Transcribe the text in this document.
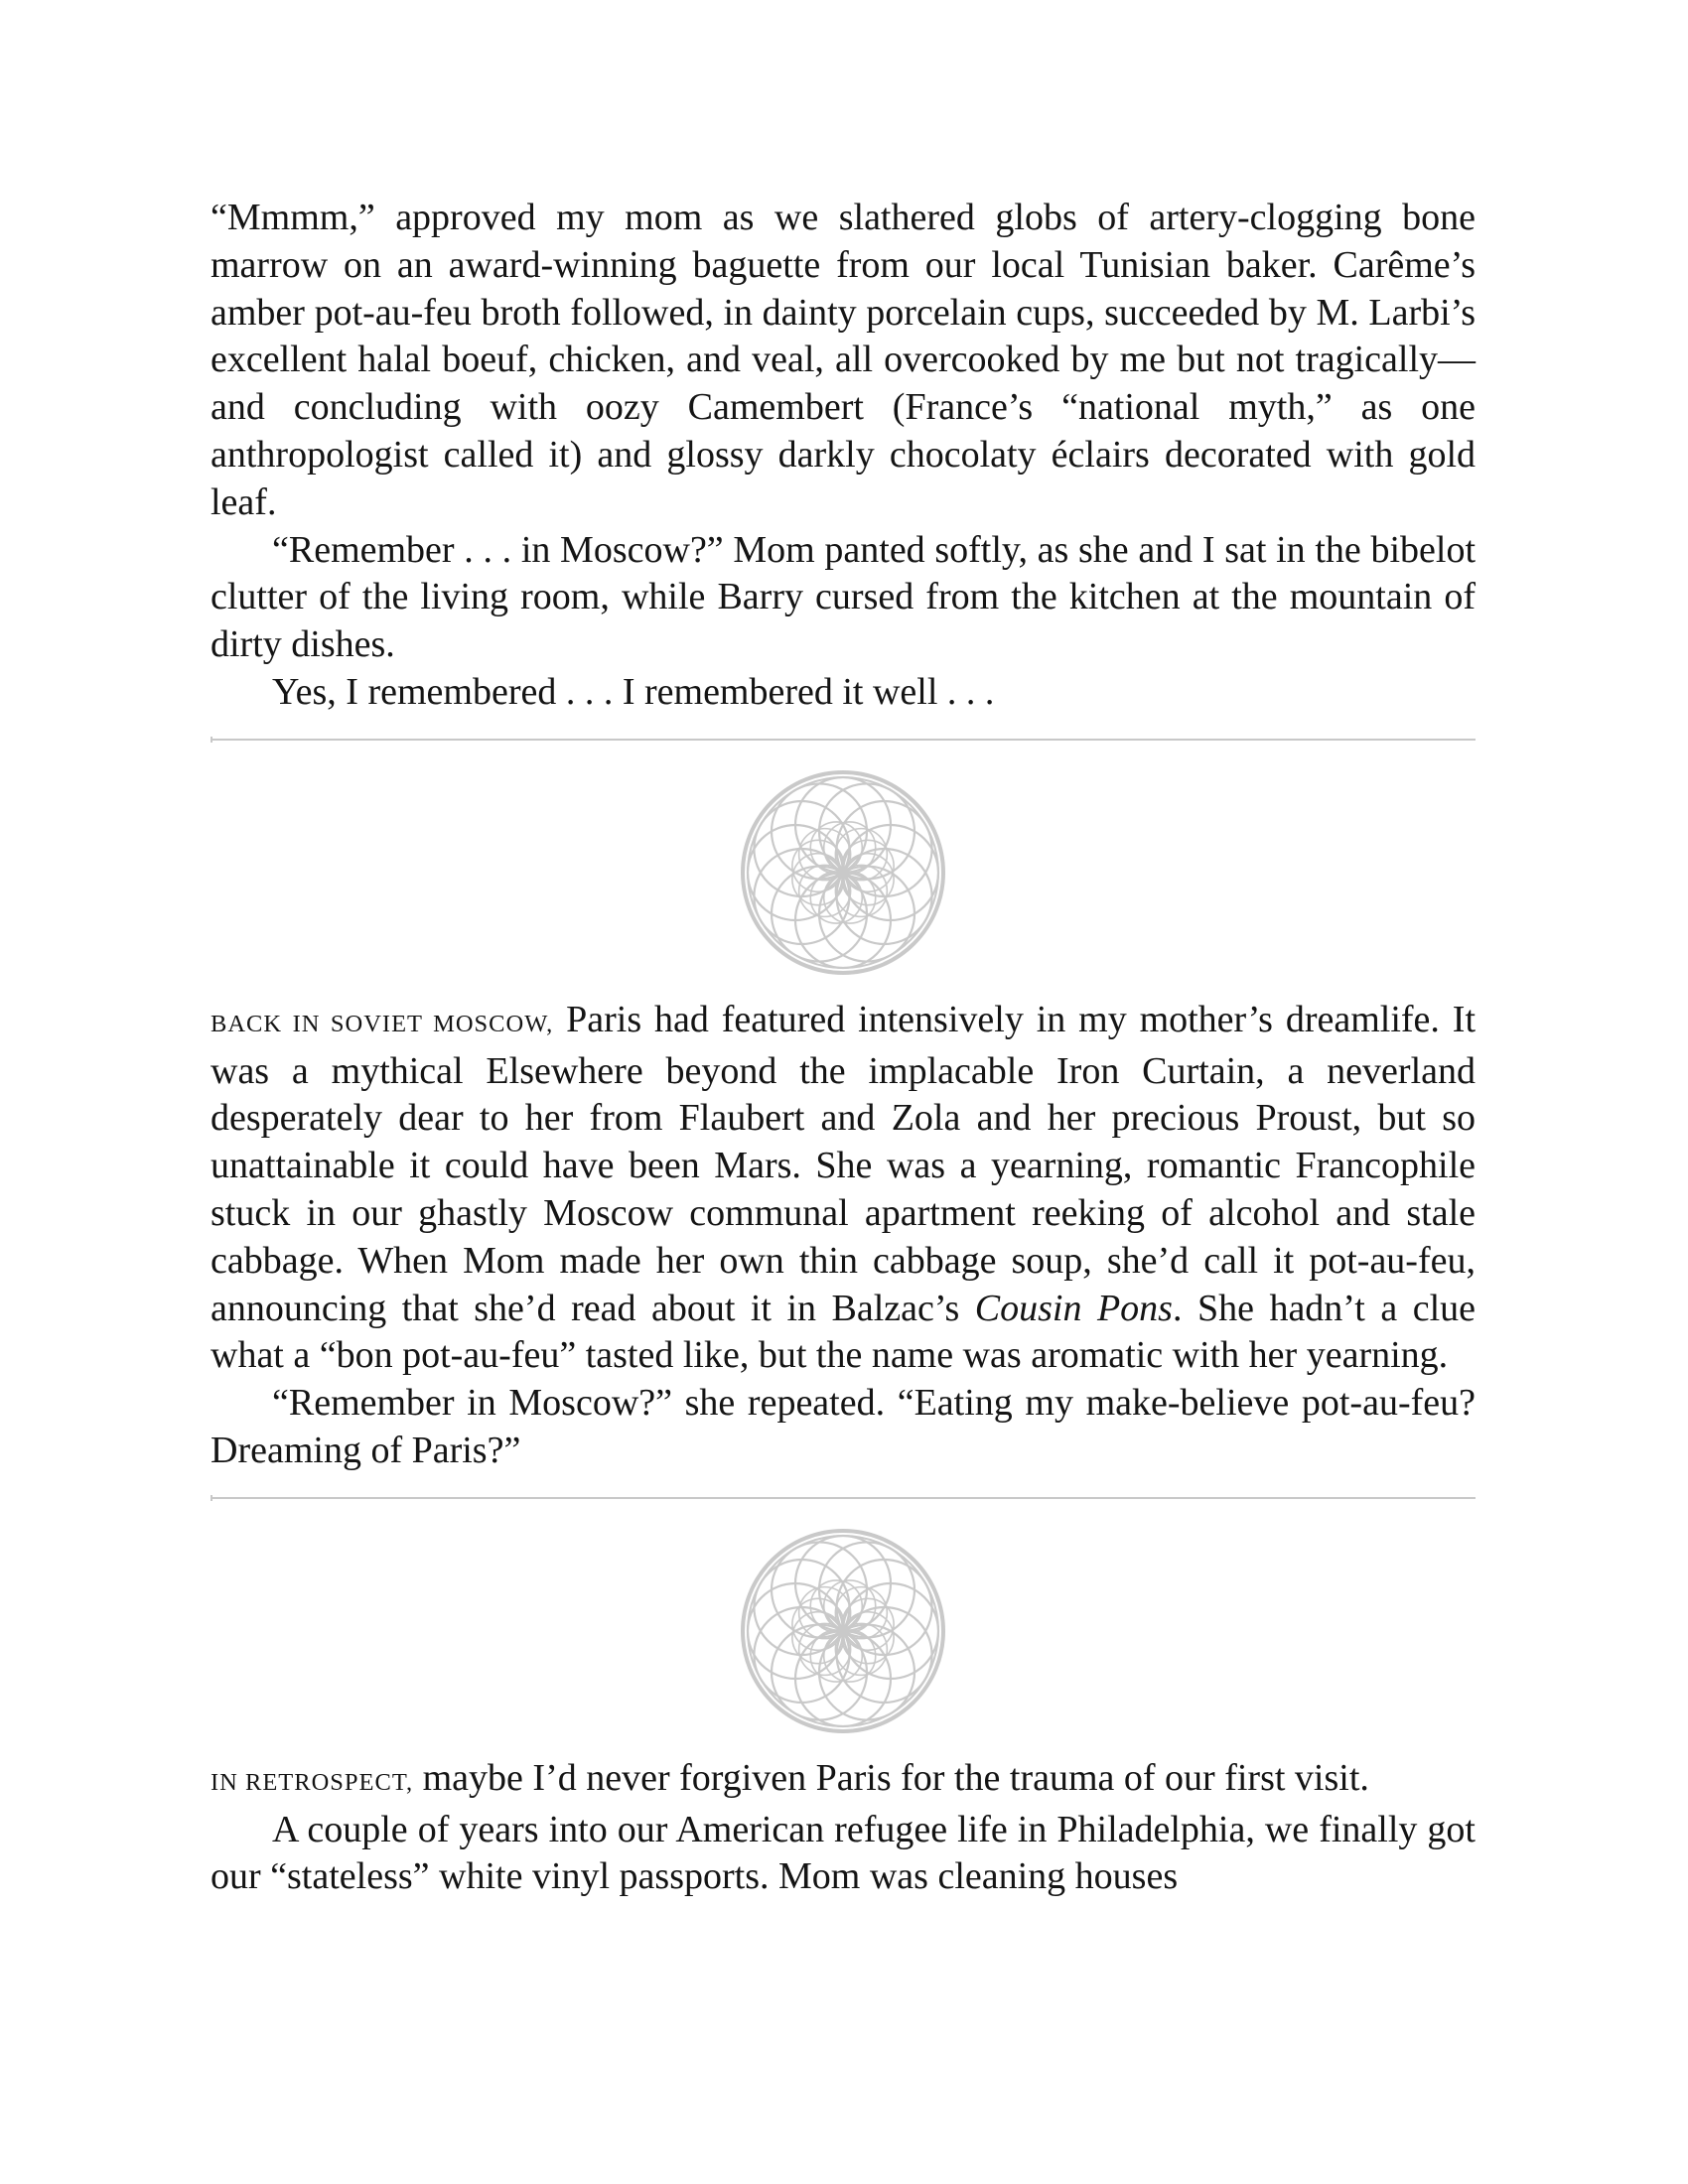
“Mmmm,” approved my mom as we slathered globs of artery-clogging bone marrow on an award-winning baguette from our local Tunisian baker. Carême’s amber pot-au-feu broth followed, in dainty porcelain cups, succeeded by M. Larbi’s excellent halal boeuf, chicken, and veal, all overcooked by me but not tragically—and concluding with oozy Camembert (France’s “national myth,” as one anthropologist called it) and glossy darkly chocolaty éclairs decorated with gold leaf.

“Remember . . . in Moscow?” Mom panted softly, as she and I sat in the bibelot clutter of the living room, while Barry cursed from the kitchen at the mountain of dirty dishes.

Yes, I remembered . . . I remembered it well . . .

BACK IN SOVIET MOSCOW, Paris had featured intensively in my mother’s dreamlife. It was a mythical Elsewhere beyond the implacable Iron Curtain, a neverland desperately dear to her from Flaubert and Zola and her precious Proust, but so unattainable it could have been Mars. She was a yearning, romantic Francophile stuck in our ghastly Moscow communal apartment reeking of alcohol and stale cabbage. When Mom made her own thin cabbage soup, she’d call it pot-au-feu, announcing that she’d read about it in Balzac’s Cousin Pons. She hadn’t a clue what a “bon pot-au-feu” tasted like, but the name was aromatic with her yearning.

“Remember in Moscow?” she repeated. “Eating my make-believe pot-au-feu? Dreaming of Paris?”

IN RETROSPECT, maybe I’d never forgiven Paris for the trauma of our first visit.

A couple of years into our American refugee life in Philadelphia, we finally got our “stateless” white vinyl passports. Mom was cleaning houses
